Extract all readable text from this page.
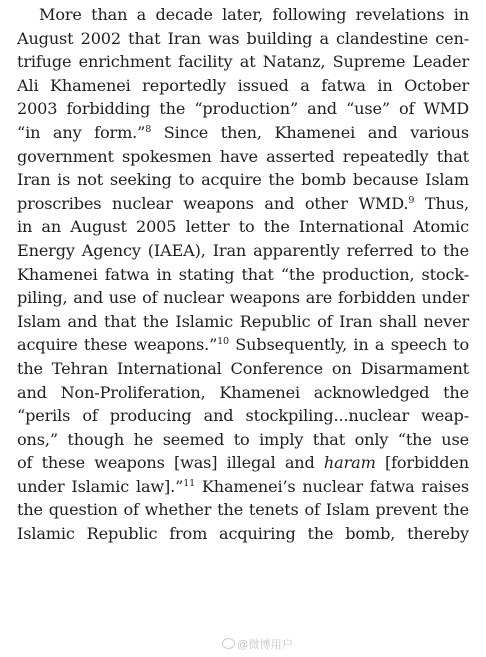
More than a decade later, following revelations in
August 2002 that Iran was building a clandestine cen-
trifuge enrichment facility at Natanz, Supreme Leader
Ali Khamenei reportedly issued a fatwa in October
2003 forbidding the “production” and “use” of WMD
“in any form.”$^8$ Since then, Khamenei and various
government spokesmen have asserted repeatedly that
Iran is not seeking to acquire the bomb because Islam
proscribes nuclear weapons and other WMD.$^9$ Thus,
in an August 2005 letter to the International Atomic
Energy Agency (IAEA), Iran apparently referred to the
Khamenei fatwa in stating that “the production, stock-
piling, and use of nuclear weapons are forbidden under
Islam and that the Islamic Republic of Iran shall never
acquire these weapons.”$^{10}$ Subsequently, in a speech to
the Tehran International Conference on Disarmament
and Non-Proliferation, Khamenei acknowledged the
“perils of producing and stockpiling...nuclear weap-
ons,” though he seemed to imply that only “the use
of these weapons [was] illegal and haram [forbidden
under Islamic law].”$^{11}$ Khamenei’s nuclear fatwa raises
the question of whether the tenets of Islam prevent the
Islamic Republic from acquiring the bomb, thereby
@微博用户
